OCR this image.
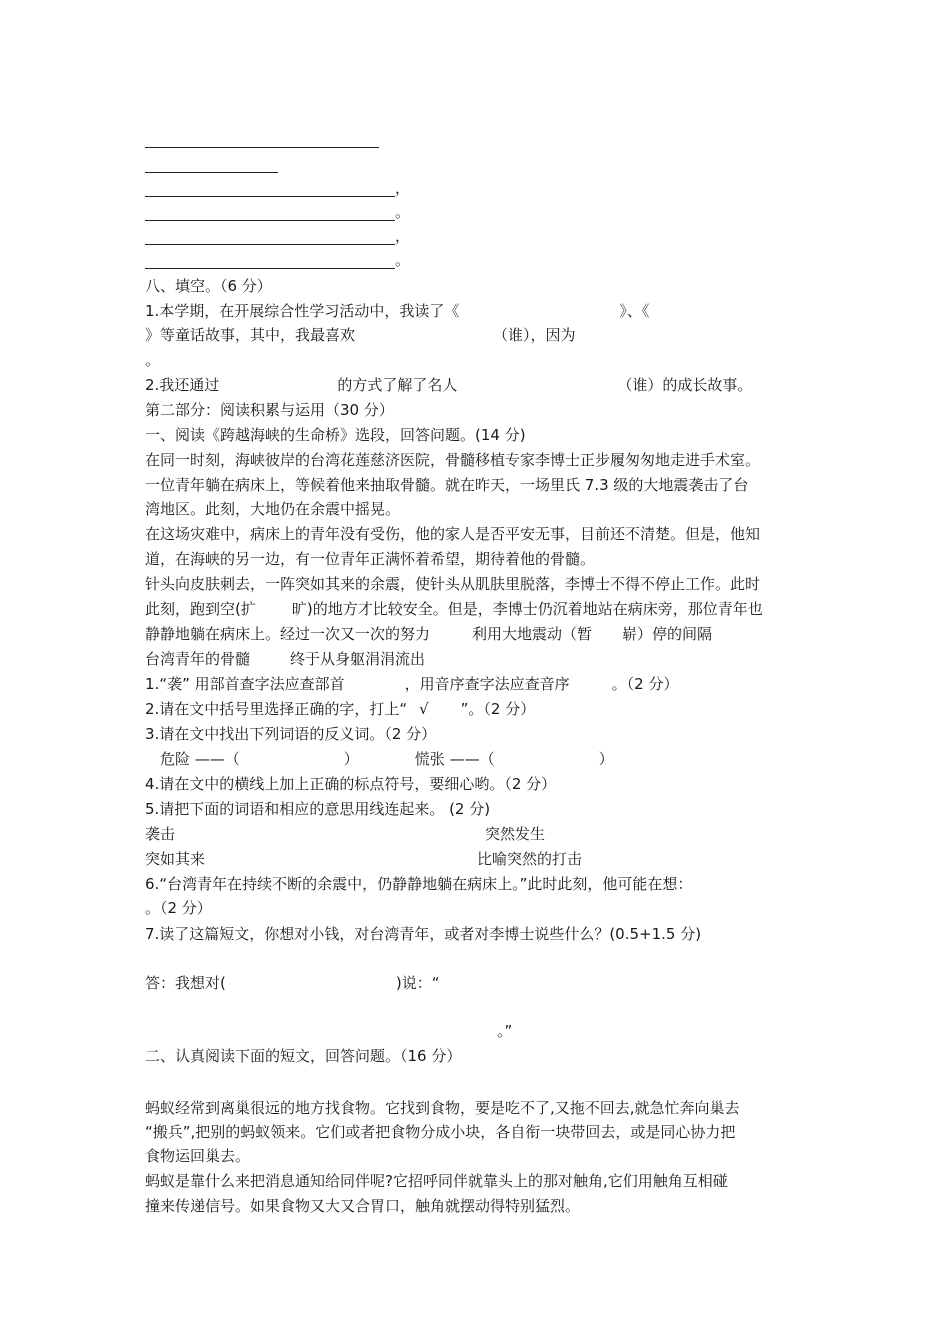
，
。
，
。
八、填空。（6 分）
1.本学期，在开展综合性学习活动中，我读了《	》、《
》等童话故事，其中，我最喜欢	（谁），因为
。
2.我还通过	的方式了解了名人	（谁）的成长故事。
第二部分：阅读积累与运用（30 分）
一、阅读《跨越海峡的生命桥》选段，回答问题。(14 分)
在同一时刻，海峡彼岸的台湾花莲慈济医院，骨髓移植专家李博士正步履匆匆地走进手术室。
一位青年躺在病床上，等候着他来抽取骨髓。就在昨天，一场里氏 7.3 级的大地震袭击了台
湾地区。此刻，大地仍在余震中摇晃。
在这场灾难中，病床上的青年没有受伤，他的家人是否平安无事，目前还不清楚。但是，他知
道，在海峡的另一边，有一位青年正满怀着希望，期待着他的骨髓。
针头向皮肤刺去，一阵突如其来的余震，使针头从肌肤里脱落，李博士不得不停止工作。此时
此刻，跑到空(扩 旷)的地方才比较安全。但是，李博士仍沉着地站在病床旁，那位青年也
静静地躺在病床上。经过一次又一次的努力	利用大地震动（暂 崭）停的间隔
台湾青年的骨髓	终于从身躯涓涓流出
1.“袭” 用部首查字法应查部首	，用音序查字法应查音序	。（2 分）
2.请在文中括号里选择正确的字，打上“ √ ”。（2 分）
3.请在文中找出下列词语的反义词。（2 分）
危险 ——（	）	慌张 ——（	）
4.请在文中的横线上加上正确的标点符号，要细心哟。（2 分）
5.请把下面的词语和相应的意思用线连起来。 (2 分)
袭击	突然发生
突如其来	比喻突然的打击
6.“台湾青年在持续不断的余震中，仍静静地躺在病床上。”此时此刻，他可能在想：
。（2 分）
7.读了这篇短文，你想对小钱，对台湾青年，或者对李博士说些什么？(0.5+1.5 分)
答：我想对(	)说：“
。”
二、认真阅读下面的短文，回答问题。（16 分）
蚂蚁经常到离巢很远的地方找食物。它找到食物，要是吃不了,又拖不回去,就急忙奔向巢去
“搬兵”,把别的蚂蚁领来。它们或者把食物分成小块，各自衔一块带回去，或是同心协力把
食物运回巢去。
蚂蚁是靠什么来把消息通知给同伴呢?它招呼同伴就靠头上的那对触角,它们用触角互相碰
撞来传递信号。如果食物又大又合胃口，触角就摆动得特别猛烈。
